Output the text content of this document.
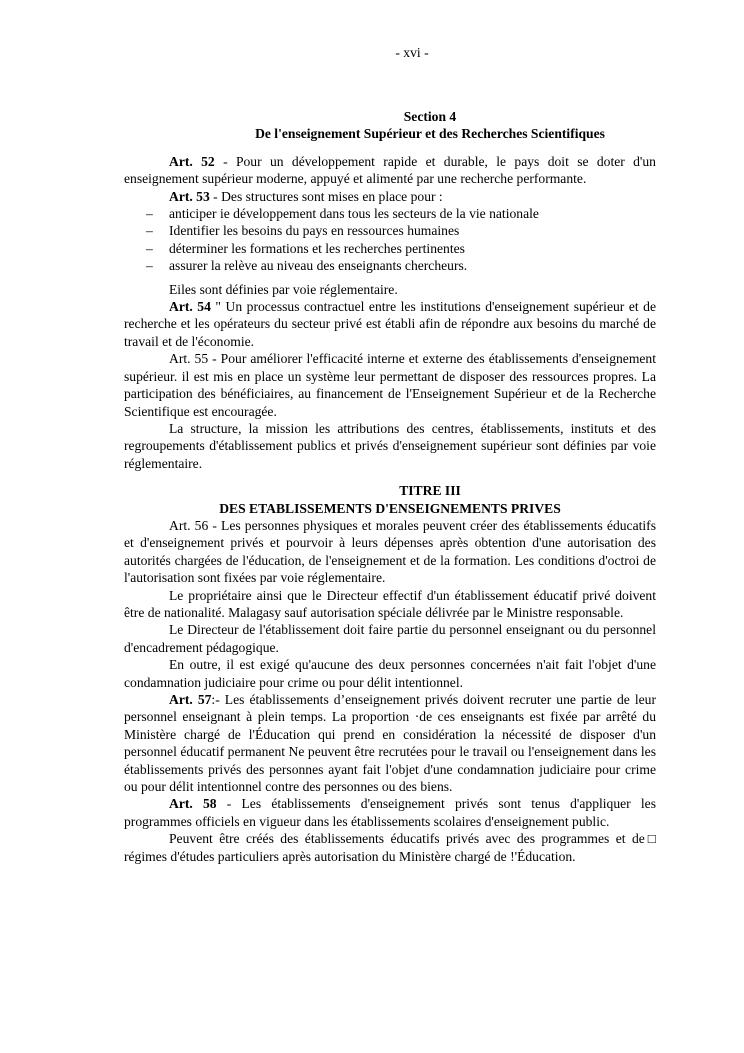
- xvi -
Section 4
De l'enseignement Supérieur et des Recherches Scientifiques

Art. 52 - Pour un développement rapide et durable, le pays doit se doter d'un enseignement supérieur moderne, appuyé et alimenté par une recherche performante.

Art. 53 - Des structures sont mises en place pour :

– anticiper ie développement dans tous les secteurs de la vie nationale
– Identifier les besoins du pays en ressources humaines
– déterminer les formations et les recherches pertinentes
– assurer la relève au niveau des enseignants chercheurs.

Eiles sont définies par voie réglementaire.

Art. 54 " Un processus contractuel entre les institutions d'enseignement supérieur et de recherche et les opérateurs du secteur privé est établi afin de répondre aux besoins du marché de travail et de l'économie.

Art. 55 - Pour améliorer l'efficacité interne et externe des établissements d'enseignement supérieur. il est mis en place un système leur permettant de disposer des ressources propres. La participation des bénéficiaires, au financement de l'Enseignement Supérieur et de la Recherche Scientifique est encouragée.

La structure, la mission les attributions des centres, établissements, instituts et des regroupements d'établissement publics et privés d'enseignement supérieur sont définies par voie réglementaire.

TITRE III
DES ETABLISSEMENTS D'ENSEIGNEMENTS PRIVES

Art. 56 - Les personnes physiques et morales peuvent créer des établissements éducatifs et d'enseignement privés et pourvoir à leurs dépenses après obtention d'une autorisation des autorités chargées de l'éducation, de l'enseignement et de la formation. Les conditions d'octroi de l'autorisation sont fixées par voie réglementaire.

Le propriétaire ainsi que le Directeur effectif d'un établissement éducatif privé doivent être de nationalité. Malagasy sauf autorisation spéciale délivrée par le Ministre responsable.

Le Directeur de l'établissement doit faire partie du personnel enseignant ou du personnel d'encadrement pédagogique.

En outre, il est exigé qu'aucune des deux personnes concernées n'ait fait l'objet d'une condamnation judiciaire pour crime ou pour délit intentionnel.

Art. 57:- Les établissements d’enseignement privés doivent recruter une partie de leur personnel enseignant à plein temps. La proportion ·de ces enseignants est fixée par arrêté du Ministère chargé de l'Éducation qui prend en considération la nécessité de disposer d'un personnel éducatif permanent Ne peuvent être recrutées pour le travail ou l'enseignement dans les établissements privés des personnes ayant fait l'objet d'une condamnation judiciaire pour crime ou pour délit intentionnel contre des personnes ou des biens.

Art. 58 - Les établissements d'enseignement privés sont tenus d'appliquer les programmes officiels en vigueur dans les établissements scolaires d'enseignement public.

Peuvent être créés des établissements éducatifs privés avec des programmes et de□ régimes d'études particuliers après autorisation du Ministère chargé de !'Éducation.
